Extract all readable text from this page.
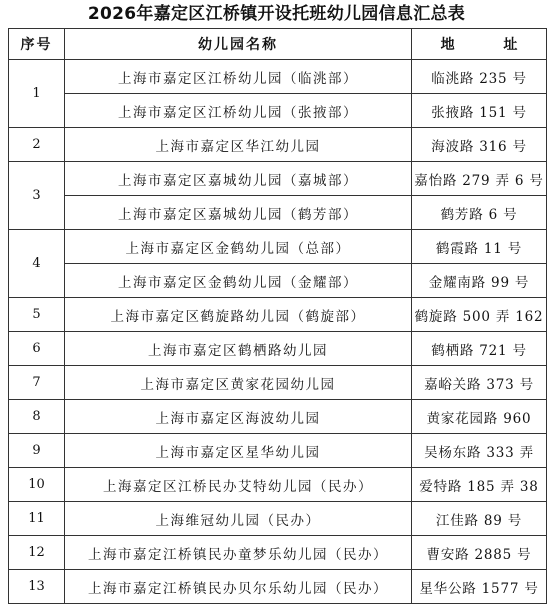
2026年嘉定区江桥镇开设托班幼儿园信息汇总表
序号	幼儿园名称	地 址
1	上海市嘉定区江桥幼儿园（临洮部）	临洮路 235 号
	上海市嘉定区江桥幼儿园（张掖部）	张掖路 151 号
2	上海市嘉定区华江幼儿园	海波路 316 号
3	上海市嘉定区嘉城幼儿园（嘉城部）	嘉怡路 279 弄 6 号
	上海市嘉定区嘉城幼儿园（鹤芳部）	鹤芳路 6 号
4	上海市嘉定区金鹤幼儿园（总部）	鹤霞路 11 号
	上海市嘉定区金鹤幼儿园（金耀部）	金耀南路 99 号
5	上海市嘉定区鹤旋路幼儿园（鹤旋部）	鹤旋路 500 弄 162
6	上海市嘉定区鹤栖路幼儿园	鹤栖路 721 号
7	上海市嘉定区黄家花园幼儿园	嘉峪关路 373 号
8	上海市嘉定区海波幼儿园	黄家花园路 960
9	上海市嘉定区星华幼儿园	吴杨东路 333 弄
10	上海嘉定区江桥民办艾特幼儿园（民办）	爱特路 185 弄 38
11	上海维冠幼儿园（民办）	江佳路 89 号
12	上海市嘉定江桥镇民办童梦乐幼儿园（民办）	曹安路 2885 号
13	上海市嘉定江桥镇民办贝尔乐幼儿园（民办）	星华公路 1577 号
